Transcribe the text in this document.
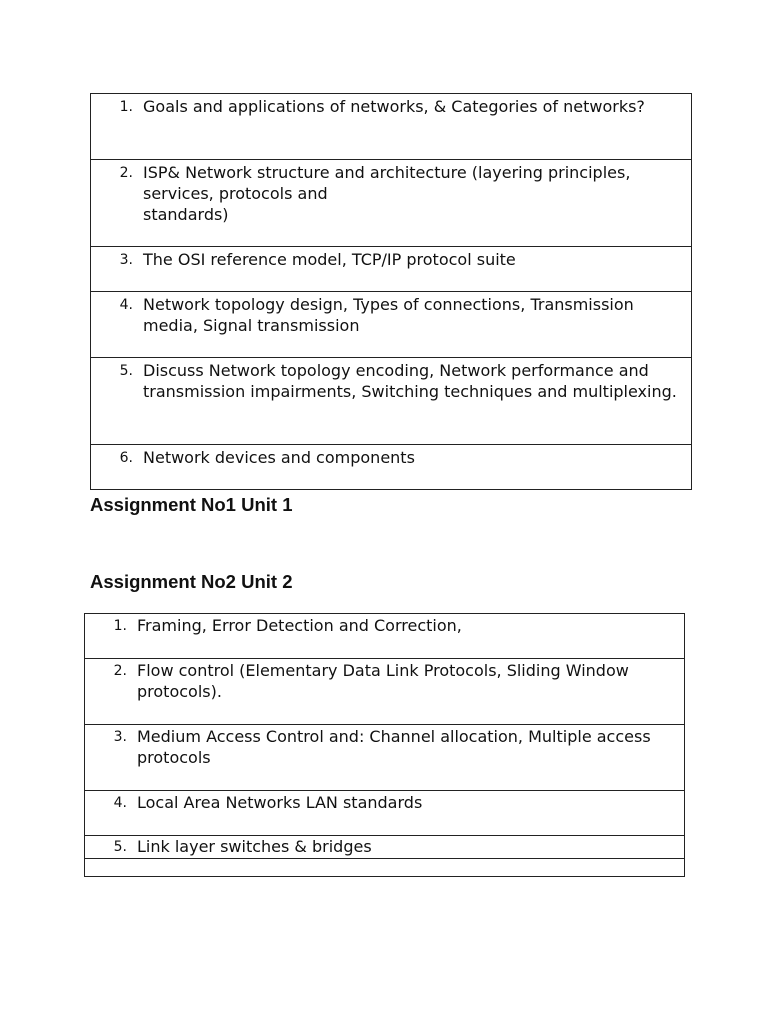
1. Goals and applications of networks, & Categories of networks?

2. ISP& Network structure and architecture (layering principles, services, protocols and
standards)

3. The OSI reference model, TCP/IP protocol suite

4. Network topology design, Types of connections, Transmission media, Signal transmission

5. Discuss Network topology encoding, Network performance and transmission impairments, Switching techniques and multiplexing.

6. Network devices and components
Assignment No1 Unit 1
Assignment No2 Unit 2
1. Framing, Error Detection and Correction,

2. Flow control (Elementary Data Link Protocols, Sliding Window protocols).

3. Medium Access Control and: Channel allocation, Multiple access protocols

4. Local Area Networks LAN standards

5. Link layer switches & bridges
